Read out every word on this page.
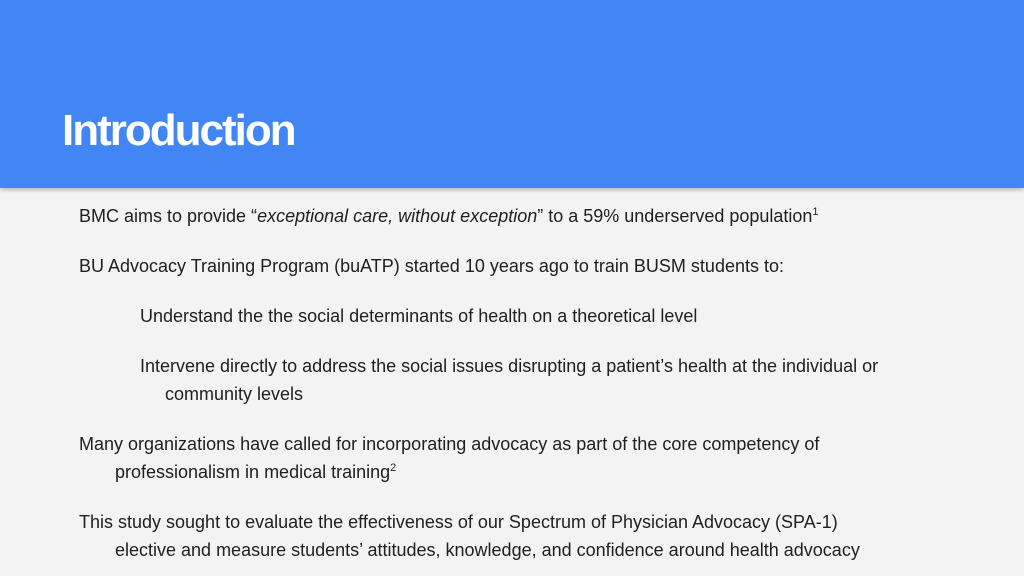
Introduction

BMC aims to provide “exceptional care, without exception” to a 59% underserved population$^1$

BU Advocacy Training Program (buATP) started 10 years ago to train BUSM students to:

Understand the the social determinants of health on a theoretical level

Intervene directly to address the social issues disrupting a patient’s health at the individual or
community levels

Many organizations have called for incorporating advocacy as part of the core competency of
professionalism in medical training$^2$

This study sought to evaluate the effectiveness of our Spectrum of Physician Advocacy (SPA-1)
elective and measure students’ attitudes, knowledge, and confidence around health advocacy
